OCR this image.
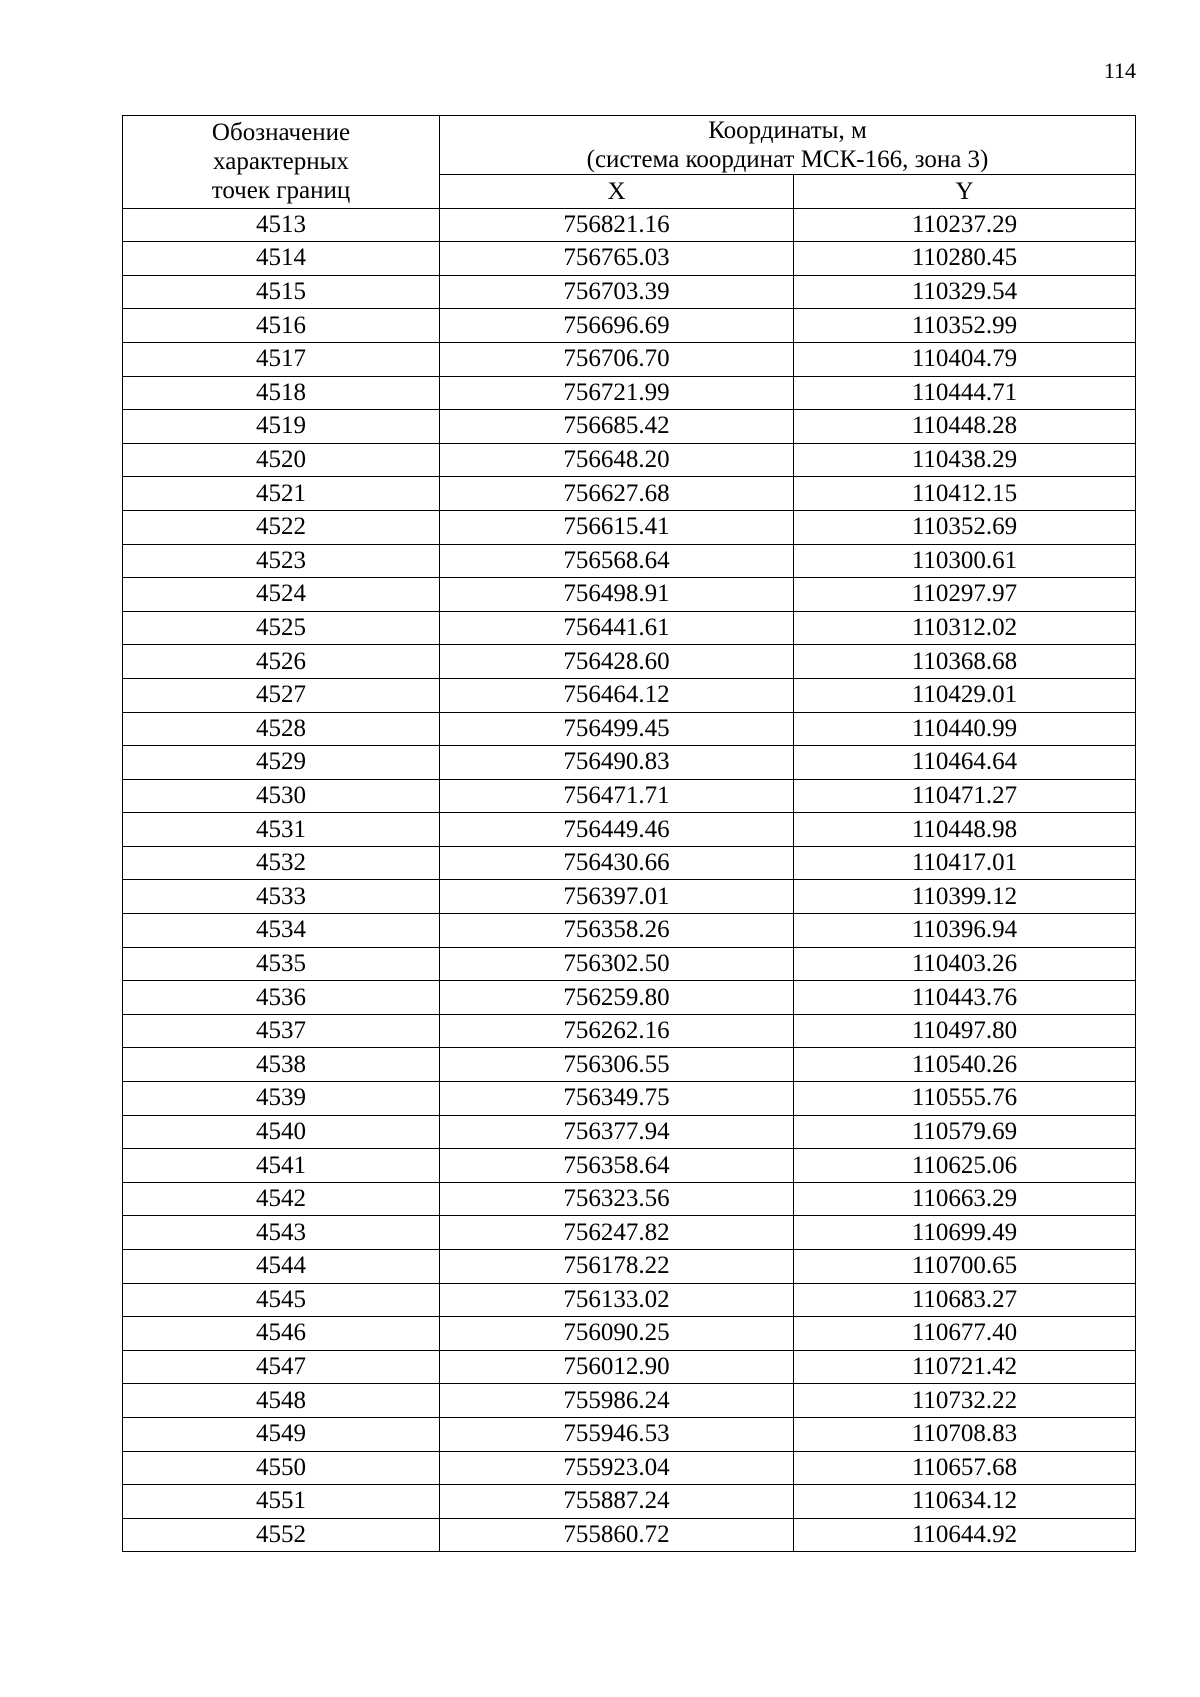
114
Обозначение
характерных
точек границ	Координаты, м
(система координат МСК-166, зона 3)	

	X	Y
4513	756821.16	110237.29
4514	756765.03	110280.45
4515	756703.39	110329.54
4516	756696.69	110352.99
4517	756706.70	110404.79
4518	756721.99	110444.71
4519	756685.42	110448.28
4520	756648.20	110438.29
4521	756627.68	110412.15
4522	756615.41	110352.69
4523	756568.64	110300.61
4524	756498.91	110297.97
4525	756441.61	110312.02
4526	756428.60	110368.68
4527	756464.12	110429.01
4528	756499.45	110440.99
4529	756490.83	110464.64
4530	756471.71	110471.27
4531	756449.46	110448.98
4532	756430.66	110417.01
4533	756397.01	110399.12
4534	756358.26	110396.94
4535	756302.50	110403.26
4536	756259.80	110443.76
4537	756262.16	110497.80
4538	756306.55	110540.26
4539	756349.75	110555.76
4540	756377.94	110579.69
4541	756358.64	110625.06
4542	756323.56	110663.29
4543	756247.82	110699.49
4544	756178.22	110700.65
4545	756133.02	110683.27
4546	756090.25	110677.40
4547	756012.90	110721.42
4548	755986.24	110732.22
4549	755946.53	110708.83
4550	755923.04	110657.68
4551	755887.24	110634.12
4552	755860.72	110644.92
